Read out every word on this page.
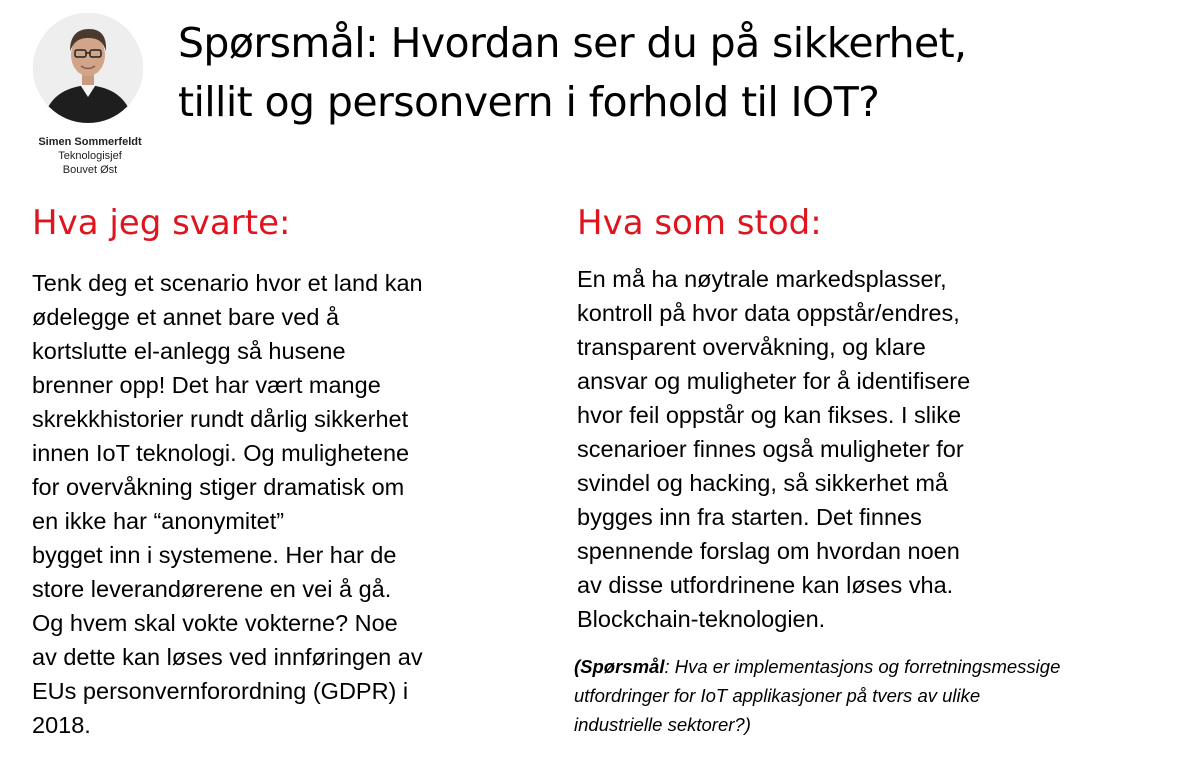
Simen Sommerfeldt
Teknologisjef
Bouvet Øst
Spørsmål: Hvordan ser du på sikkerhet,
tillit og personvern i forhold til IOT?
Hva jeg svarte:	Hva som stod:
Tenk deg et scenario hvor et land kan
ødelegge et annet bare ved å
kortslutte el-anlegg så husene
brenner opp! Det har vært mange
skrekkhistorier rundt dårlig sikkerhet
innen IoT teknologi. Og mulighetene
for overvåkning stiger dramatisk om
en ikke har “anonymitet”
bygget inn i systemene. Her har de
store leverandørerene en vei å gå.
Og hvem skal vokte vokterne? Noe
av dette kan løses ved innføringen av
EUs personvernforordning (GDPR) i
2018.
En må ha nøytrale markedsplasser,
kontroll på hvor data oppstår/endres,
transparent overvåkning, og klare
ansvar og muligheter for å identifisere
hvor feil oppstår og kan fikses. I slike
scenarioer finnes også muligheter for
svindel og hacking, så sikkerhet må
bygges inn fra starten. Det finnes
spennende forslag om hvordan noen
av disse utfordrinene kan løses vha.
Blockchain-teknologien.
(Spørsmål: Hva er implementasjons og forretningsmessige
utfordringer for IoT applikasjoner på tvers av ulike
industrielle sektorer?)
